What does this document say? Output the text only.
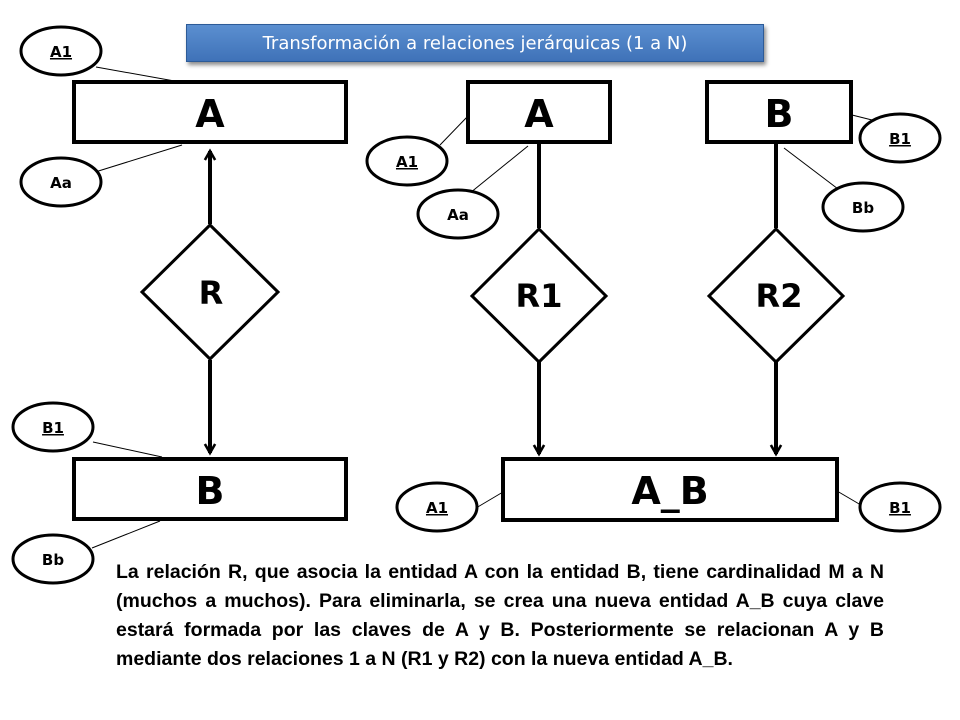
Transformación a relaciones jerárquicas (1 a N)
A
B
A	B
A_B
R	R1	R2
A1
Aa
B1
Bb
A1
Aa
B1
Bb
A1	B1

La relación R, que asocia la entidad A con la entidad B, tiene cardinalidad M a N (muchos a muchos). Para eliminarla, se crea una nueva entidad A_B cuya clave estará formada por las claves de A y B. Posteriormente se relacionan A y B mediante dos relaciones 1 a N (R1 y R2) con la nueva entidad A_B.
